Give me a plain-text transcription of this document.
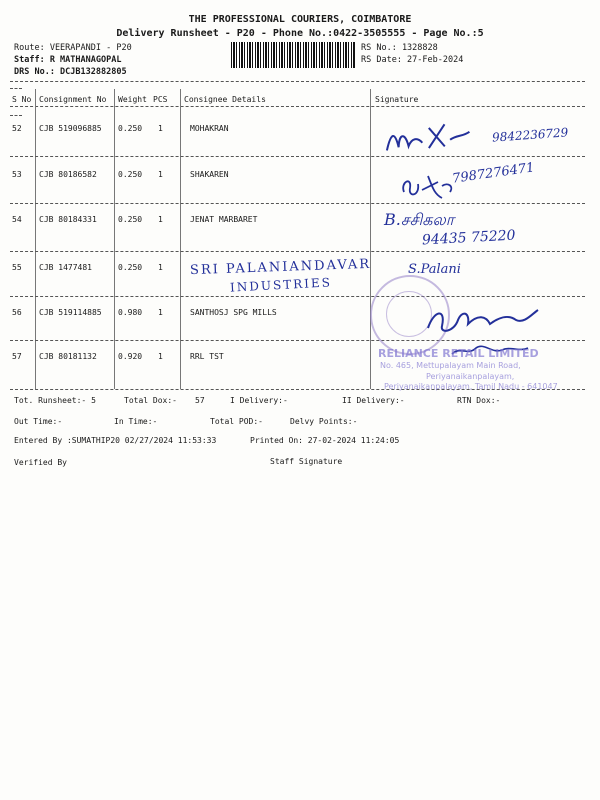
THE PROFESSIONAL COURIERS, COIMBATORE
Delivery Runsheet - P20 - Phone No.:0422-3505555 - Page No.:5
Route: VEERAPANDI - P20
Staff: R MATHANAGOPAL
DRS No.: DCJB132882805
RS No.: 1328828
RS Date: 27-Feb-2024
S No Consignment No Weight PCS Consignee Details	Signature
52 CJB 519096885 0.250 1	MOHAKRAN
53 CJB 80186582	0.250 1	SHAKAREN
54 CJB 80184331	0.250 1	JENAT MARBARET
55 CJB 1477481	0.250 1
56 CJB 519114885 0.980 1	SANTHOSJ SPG MILLS
57 CJB 80181132	0.920 1	RRL TST
9842236729
7987276471
B.சசிகலா
94435 75220
SRI PALANIANDAVAR
INDUSTRIES
S.Palani
RELIANCE RETAIL LIMITED
No. 465, Mettupalayam Main Road,
Periyanaikanpalayam,
Periyanaikanpalayam, Tamil Nadu - 641047
Tot. Runsheet:- 5	Total Dox:- 57	I Delivery:-	II Delivery:-	RTN Dox:-
Out Time:-	In Time:-	Total POD:-	Delvy Points:-
Entered By :SUMATHIP20 02/27/2024 11:53:33	Printed On: 27-02-2024 11:24:05
Verified By	Staff Signature
